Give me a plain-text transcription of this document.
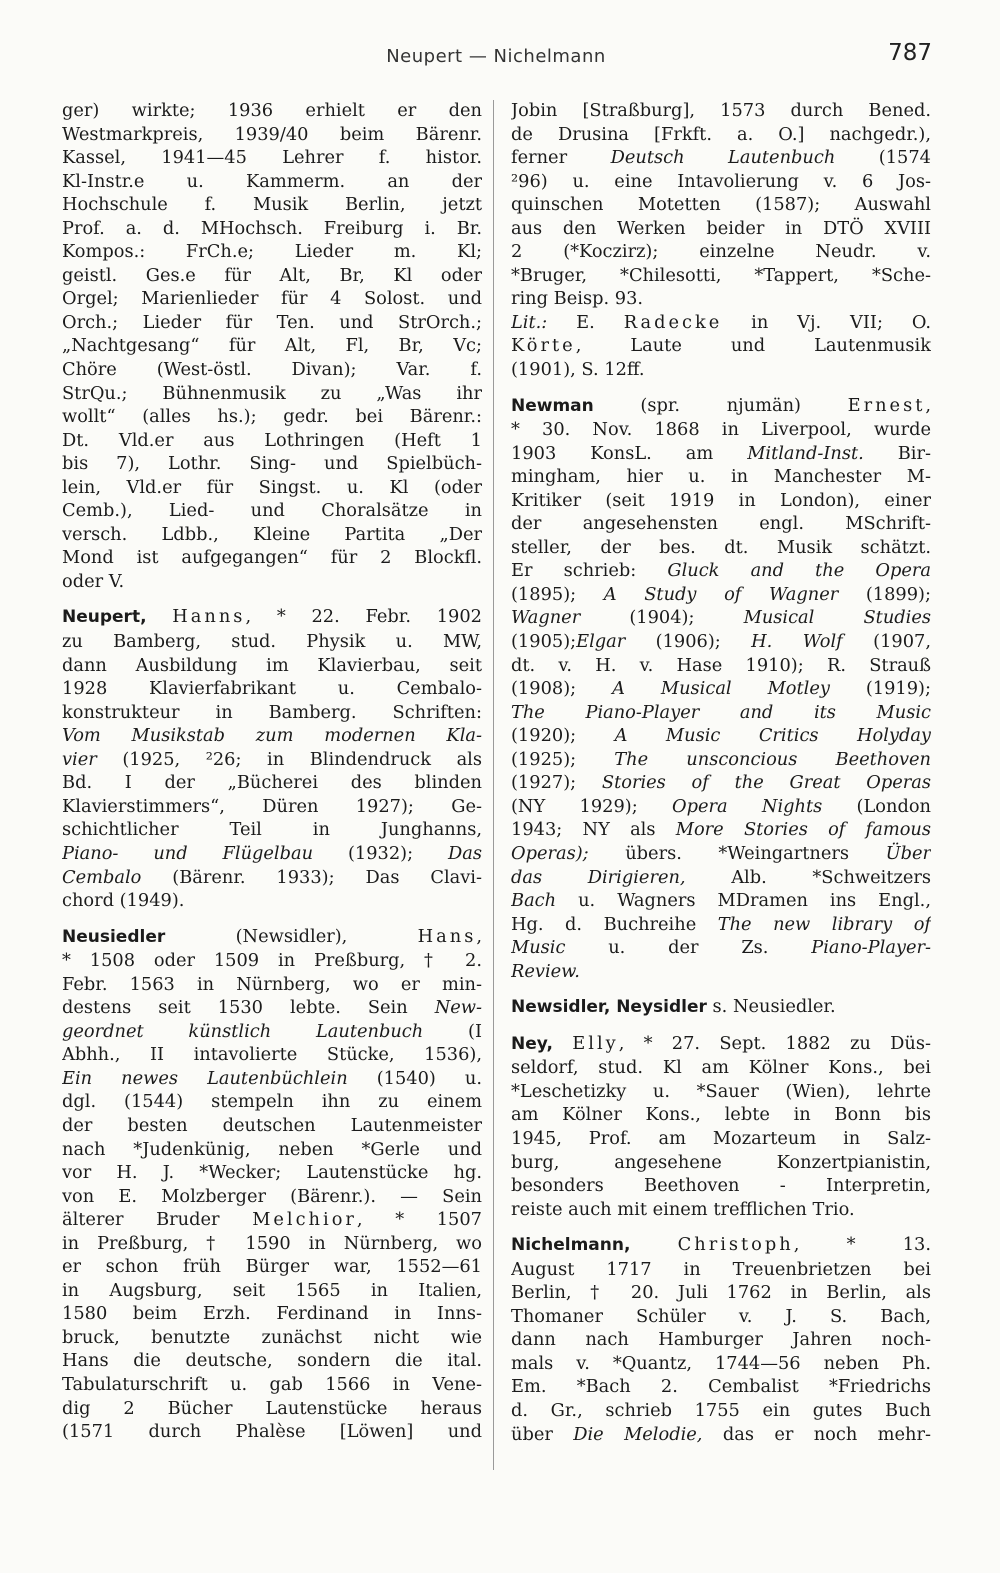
Neupert — Nichelmann	787
ger) wirkte; 1936 erhielt er den
Westmarkpreis, 1939/40 beim Bärenr.
Kassel, 1941—45 Lehrer f. histor.
Kl-Instr.e u. Kammerm. an der
Hochschule f. Musik Berlin, jetzt
Prof. a. d. MHochsch. Freiburg i. Br.
Kompos.: FrCh.e; Lieder m. Kl;
geistl. Ges.e für Alt, Br, Kl oder
Orgel; Marienlieder für 4 Solost. und
Orch.; Lieder für Ten. und StrOrch.;
„Nachtgesang“ für Alt, Fl, Br, Vc;
Chöre (West-östl. Divan); Var. f.
StrQu.; Bühnenmusik zu „Was ihr
wollt“ (alles hs.); gedr. bei Bärenr.:
Dt. Vld.er aus Lothringen (Heft 1
bis 7), Lothr. Sing- und Spielbüch-
lein, Vld.er für Singst. u. Kl (oder
Cemb.), Lied- und Choralsätze in
versch. Ldbb., Kleine Partita „Der
Mond ist aufgegangen“ für 2 Blockfl.
oder V.
Neupert, Hanns, * 22. Febr. 1902
zu Bamberg, stud. Physik u. MW,
dann Ausbildung im Klavierbau, seit
1928 Klavierfabrikant u. Cembalo-
konstrukteur in Bamberg. Schriften:
Vom Musikstab zum modernen Kla-
vier (1925, ²26; in Blindendruck als
Bd. I der „Bücherei des blinden
Klavierstimmers“, Düren 1927); Ge-
schichtlicher Teil in Junghanns,
Piano- und Flügelbau (1932); Das
Cembalo (Bärenr. 1933); Das Clavi-
chord (1949).
Neusiedler (Newsidler), Hans,
* 1508 oder 1509 in Preßburg, † 2.
Febr. 1563 in Nürnberg, wo er min-
destens seit 1530 lebte. Sein New-
geordnet künstlich Lautenbuch (I
Abhh., II intavolierte Stücke, 1536),
Ein newes Lautenbüchlein (1540) u.
dgl. (1544) stempeln ihn zu einem
der besten deutschen Lautenmeister
nach *Judenkünig, neben *Gerle und
vor H. J. *Wecker; Lautenstücke hg.
von E. Molzberger (Bärenr.). — Sein
älterer Bruder Melchior, * 1507
in Preßburg, † 1590 in Nürnberg, wo
er schon früh Bürger war, 1552—61
in Augsburg, seit 1565 in Italien,
1580 beim Erzh. Ferdinand in Inns-
bruck, benutzte zunächst nicht wie
Hans die deutsche, sondern die ital.
Tabulaturschrift u. gab 1566 in Vene-
dig 2 Bücher Lautenstücke heraus
(1571 durch Phalèse [Löwen] und
Jobin [Straßburg], 1573 durch Bened.
de Drusina [Frkft. a. O.] nachgedr.),
ferner Deutsch Lautenbuch (1574
²96) u. eine Intavolierung v. 6 Jos-
quinschen Motetten (1587); Auswahl
aus den Werken beider in DTÖ XVIII
2 (*Koczirz); einzelne Neudr. v.
*Bruger, *Chilesotti, *Tappert, *Sche-
ring Beisp. 93.
Lit.: E. Radecke in Vj. VII; O.
Körte, Laute und Lautenmusik
(1901), S. 12ff.
Newman (spr. njumän) Ernest,
* 30. Nov. 1868 in Liverpool, wurde
1903 KonsL. am Mitland-Inst. Bir-
mingham, hier u. in Manchester M-
Kritiker (seit 1919 in London), einer
der angesehensten engl. MSchrift-
steller, der bes. dt. Musik schätzt.
Er schrieb: Gluck and the Opera
(1895); A Study of Wagner (1899);
Wagner (1904); Musical Studies
(1905);Elgar (1906); H. Wolf (1907,
dt. v. H. v. Hase 1910); R. Strauß
(1908); A Musical Motley (1919);
The Piano-Player and its Music
(1920); A Music Critics Holyday
(1925); The unsconcious Beethoven
(1927); Stories of the Great Operas
(NY 1929); Opera Nights (London
1943; NY als More Stories of famous
Operas); übers. *Weingartners Über
das Dirigieren, Alb. *Schweitzers
Bach u. Wagners MDramen ins Engl.,
Hg. d. Buchreihe The new library of
Music u. der Zs. Piano-Player-
Review.
Newsidler, Neysidler s. Neusiedler.
Ney, Elly, * 27. Sept. 1882 zu Düs-
seldorf, stud. Kl am Kölner Kons., bei
*Leschetizky u. *Sauer (Wien), lehrte
am Kölner Kons., lebte in Bonn bis
1945, Prof. am Mozarteum in Salz-
burg, angesehene Konzertpianistin,
besonders Beethoven - Interpretin,
reiste auch mit einem trefflichen Trio.
Nichelmann,	Christoph, * 13.
August 1717 in Treuenbrietzen bei
Berlin, † 20. Juli 1762 in Berlin, als
Thomaner Schüler v. J. S. Bach,
dann nach Hamburger Jahren noch-
mals v. *Quantz, 1744—56 neben Ph.
Em. *Bach 2. Cembalist *Friedrichs
d. Gr., schrieb 1755 ein gutes Buch
über Die Melodie, das er noch mehr-
